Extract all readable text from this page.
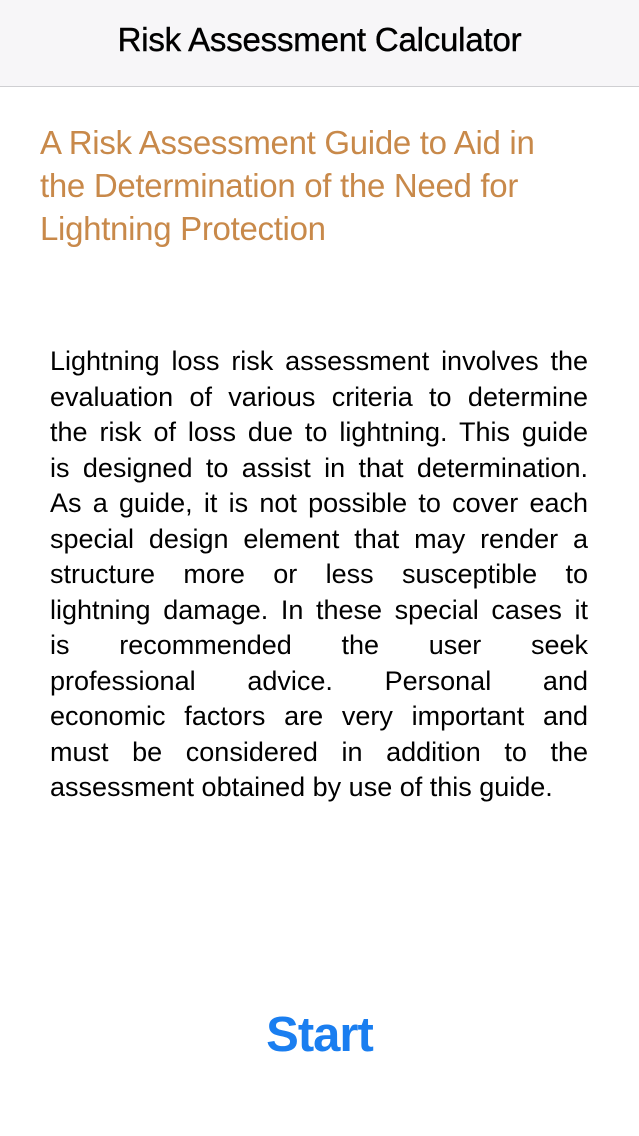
Risk Assessment Calculator
A Risk Assessment Guide to Aid in
the Determination of the Need for
Lightning Protection
Lightning loss risk assessment involves the
evaluation of various criteria to determine
the risk of loss due to lightning. This guide
is designed to assist in that determination.
As a guide, it is not possible to cover each
special design element that may render a
structure more or less susceptible to
lightning damage. In these special cases it
is recommended the user seek
professional advice. Personal and
economic factors are very important and
must be considered in addition to the
assessment obtained by use of this guide.
Start
